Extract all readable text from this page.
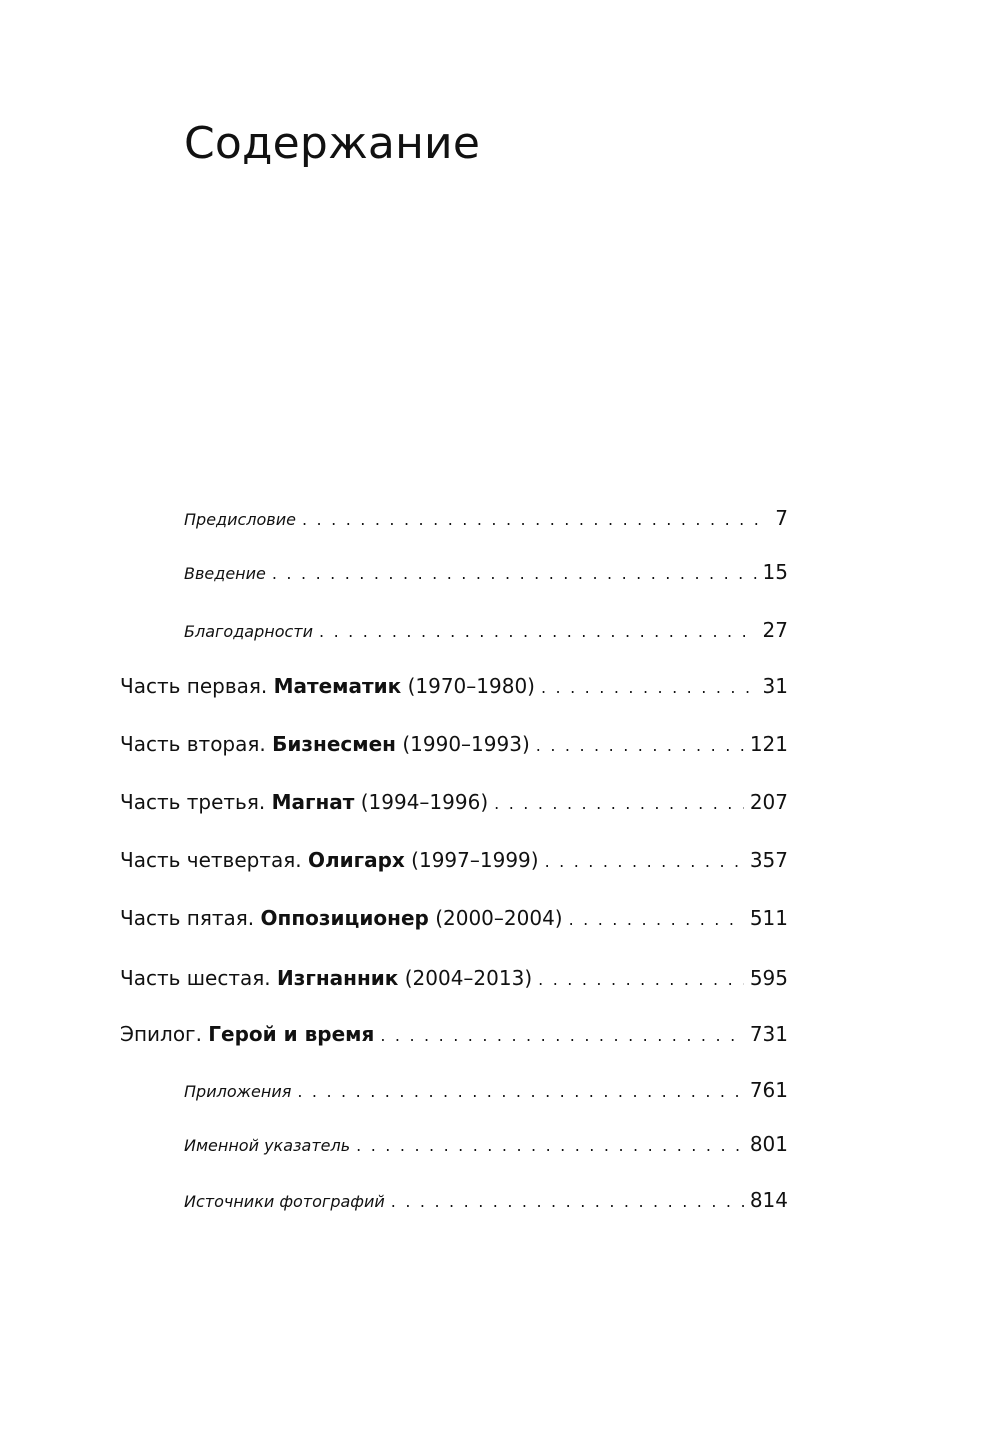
Содержание
Предисловие . . .	7
Введение . . .	15
Благодарности . . .	27
Часть первая. Математик (1970–1980) . . .	31
Часть вторая. Бизнесмен (1990–1993) . . .	121
Часть третья. Магнат (1994–1996) . . .	207
Часть четвертая. Олигарх (1997–1999) . . .	357
Часть пятая. Оппозиционер (2000–2004) . . .	511
Часть шестая. Изгнанник (2004–2013) . . .	595
Эпилог. Герой и время . . .	731
Приложения . . .	761
Именной указатель . . .	801
Источники фотографий . . .	814
